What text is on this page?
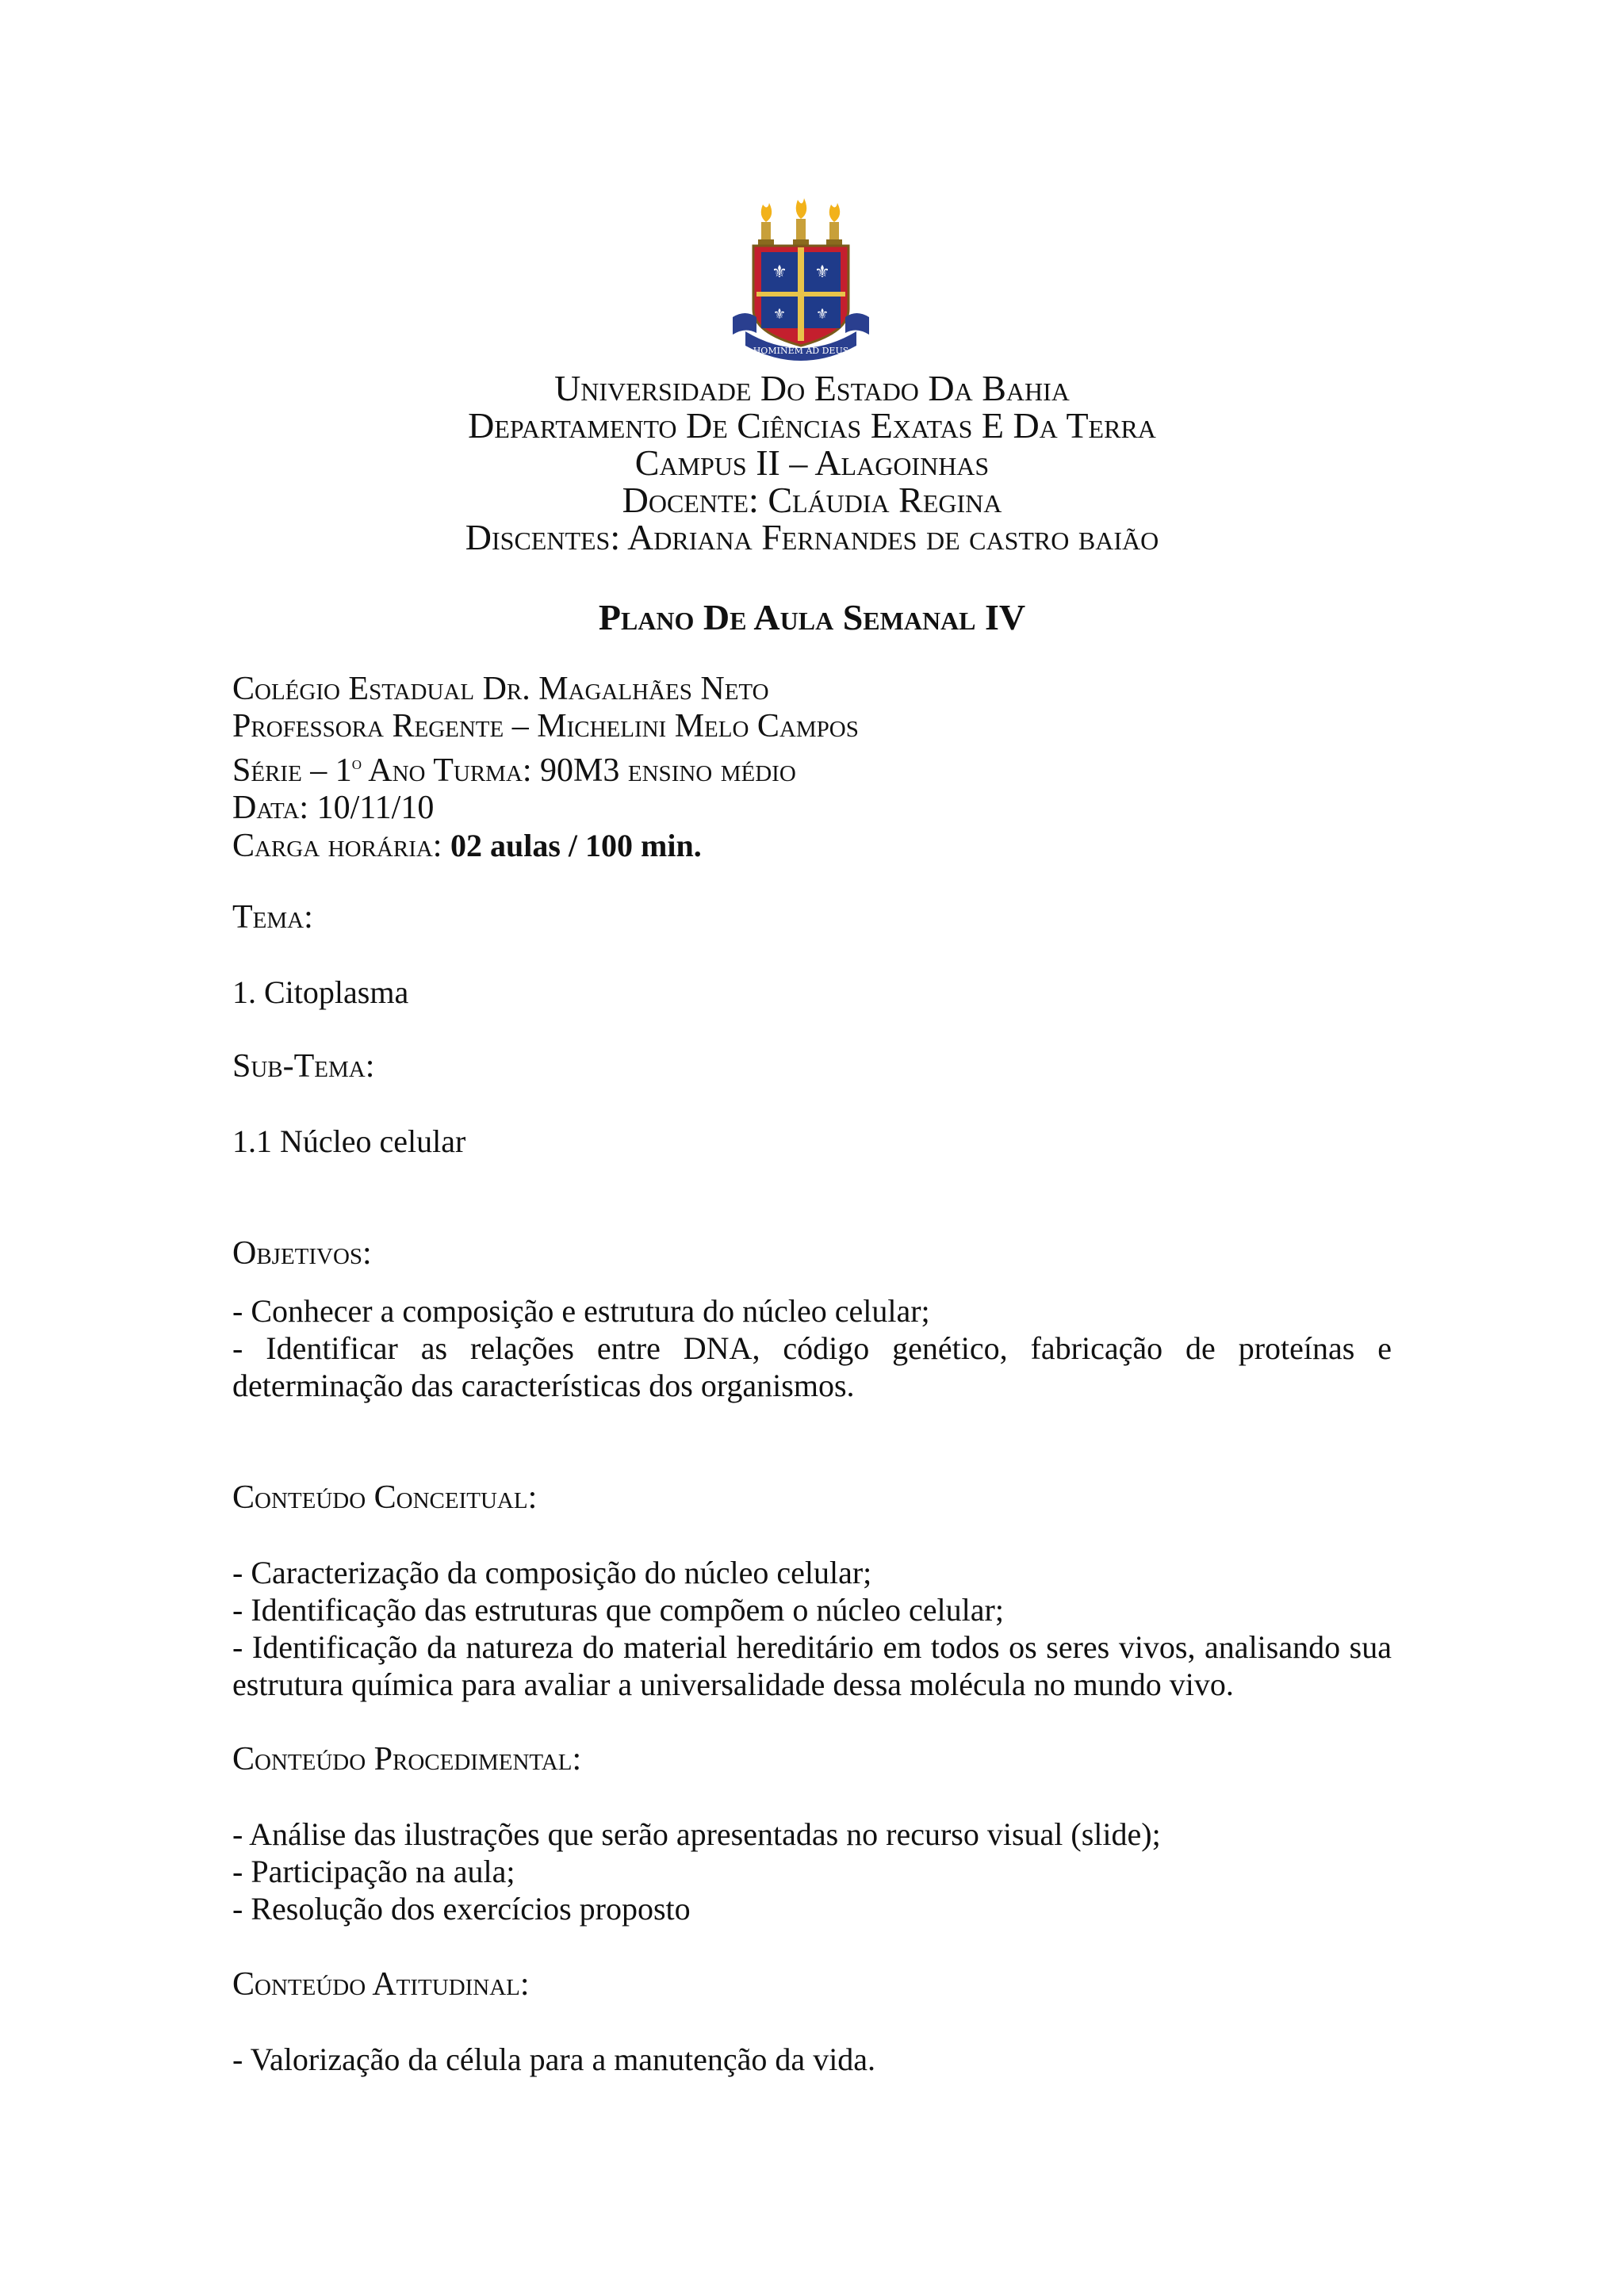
⚜ ⚜
⚜ ⚜
HOMINEM AD DEUS
Universidade Do Estado Da Bahia
Departamento De Ciências Exatas E Da Terra
Campus II – Alagoinhas
Docente: Cláudia Regina
Discentes: Adriana Fernandes de castro baião
Plano De Aula Semanal IV
Colégio Estadual Dr. Magalhães Neto
Professora Regente – Michelini Melo Campos
Série – 1$^o$ Ano Turma: 90M3 ensino médio
Data: 10/11/10
Carga horária: 02 aulas / 100 min.
Tema:
1. Citoplasma
Sub-Tema:
1.1 Núcleo celular
Objetivos:
- Conhecer a composição e estrutura do núcleo celular;
- Identificar as relações entre DNA, código genético, fabricação de proteínas e determinação das características dos organismos.
Conteúdo Conceitual:
- Caracterização da composição do núcleo celular;
- Identificação das estruturas que compõem o núcleo celular;
- Identificação da natureza do material hereditário em todos os seres vivos, analisando sua estrutura química para avaliar a universalidade dessa molécula no mundo vivo.
Conteúdo Procedimental:
- Análise das ilustrações que serão apresentadas no recurso visual (slide);
- Participação na aula;
- Resolução dos exercícios proposto
Conteúdo Atitudinal:
- Valorização da célula para a manutenção da vida.
